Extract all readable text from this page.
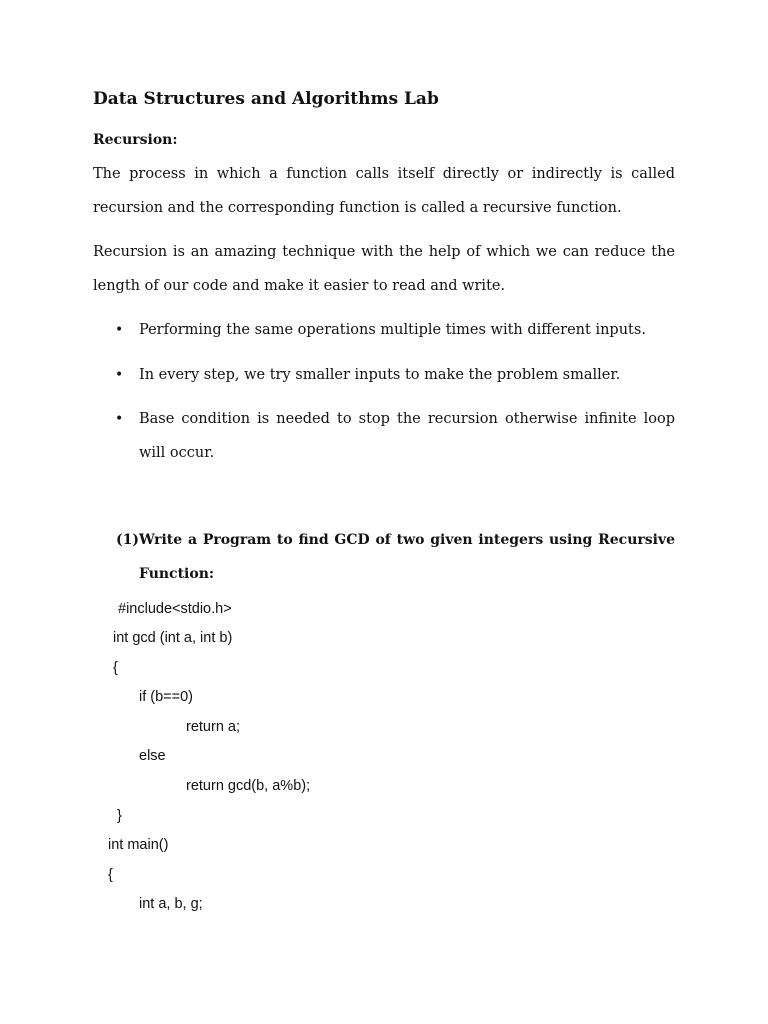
Data Structures and Algorithms Lab
Recursion:
The process in which a function calls itself directly or indirectly is called
recursion and the corresponding function is called a recursive function.
Recursion is an amazing technique with the help of which we can reduce the
length of our code and make it easier to read and write.
• Performing the same operations multiple times with different inputs.
• In every step, we try smaller inputs to make the problem smaller.
• Base condition is needed to stop the recursion otherwise infinite loop
will occur.
(1) Write a Program to find GCD of two given integers using Recursive
Function:
#include<stdio.h>
int gcd (int a, int b)
{
if (b==0)
return a;
else
return gcd(b, a%b);
}
int main()
{
int a, b, g;
